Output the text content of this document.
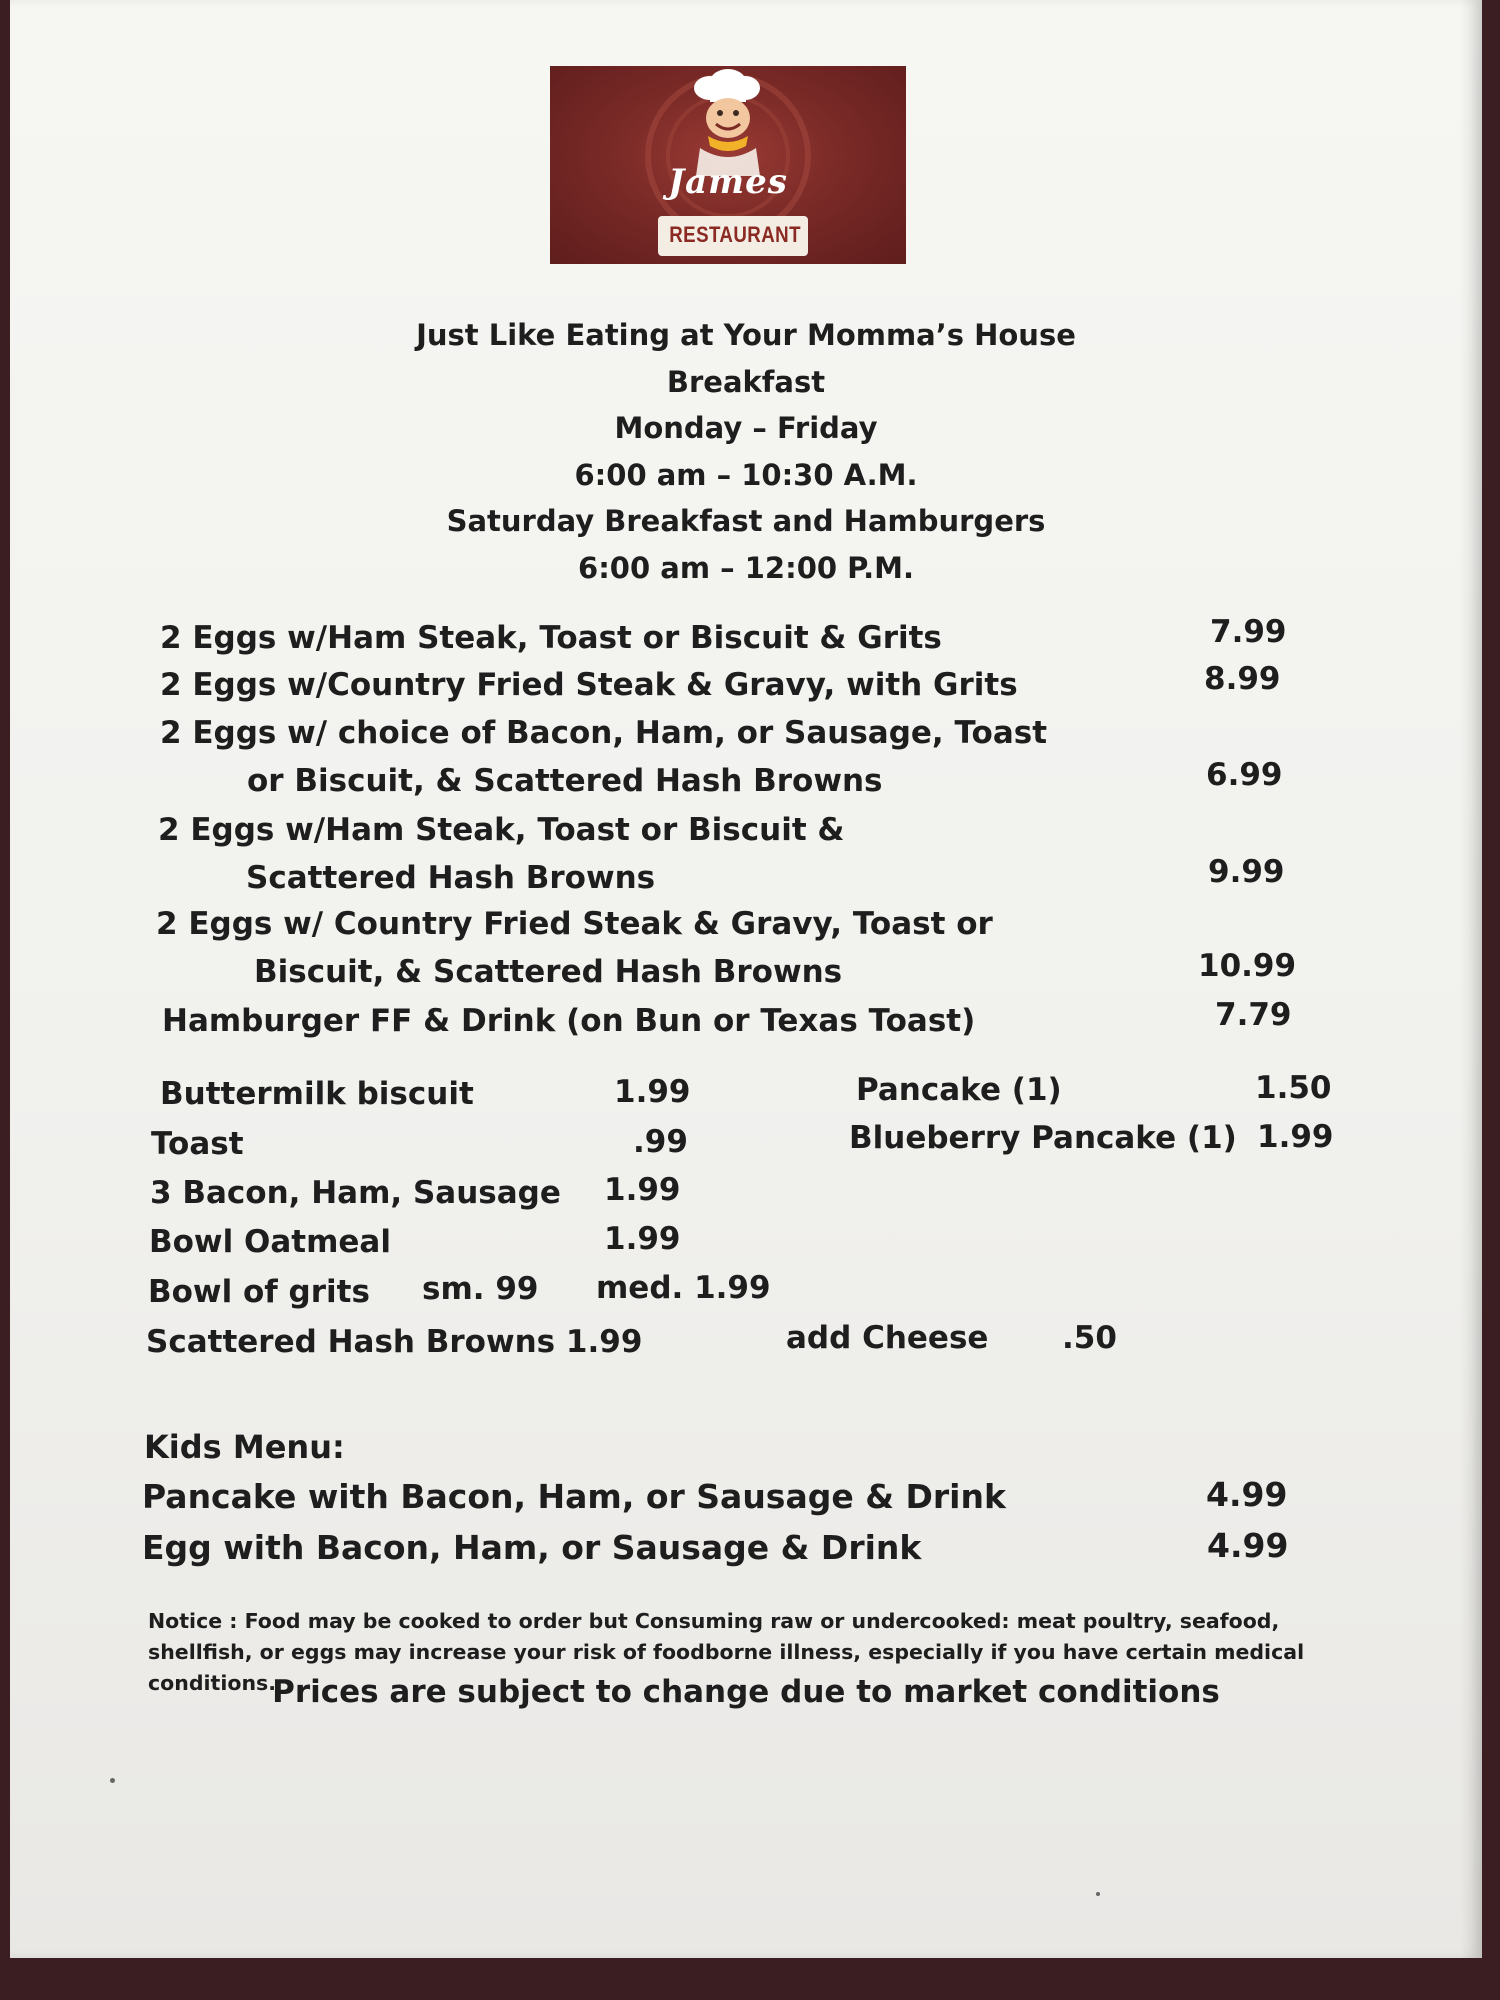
James
RESTAURANT
Just Like Eating at Your Momma’s House
Breakfast
Monday – Friday
6:00 am – 10:30 A.M.
Saturday Breakfast and Hamburgers
6:00 am – 12:00 P.M.
2 Eggs w/Ham Steak, Toast or Biscuit & Grits	7.99
2 Eggs w/Country Fried Steak & Gravy, with Grits	8.99
2 Eggs w/ choice of Bacon, Ham, or Sausage, Toast
or Biscuit, & Scattered Hash Browns	6.99
2 Eggs w/Ham Steak, Toast or Biscuit &
Scattered Hash Browns	9.99
2 Eggs w/ Country Fried Steak & Gravy, Toast or
Biscuit, & Scattered Hash Browns	10.99
Hamburger FF & Drink (on Bun or Texas Toast)	7.79
Buttermilk biscuit	1.99
Toast	.99
3 Bacon, Ham, Sausage 1.99
Bowl Oatmeal	1.99
Bowl of grits sm. 99 med. 1.99
Scattered Hash Browns 1.99	add Cheese .50
Pancake (1)	1.50
Blueberry Pancake (1) 1.99
Kids Menu:
Pancake with Bacon, Ham, or Sausage & Drink	4.99
Egg with Bacon, Ham, or Sausage & Drink	4.99
Notice : Food may be cooked to order but Consuming raw or undercooked: meat poultry, seafood, shellfish, or eggs may increase your risk of foodborne illness, especially if you have certain medical conditions.
Prices are subject to change due to market conditions
